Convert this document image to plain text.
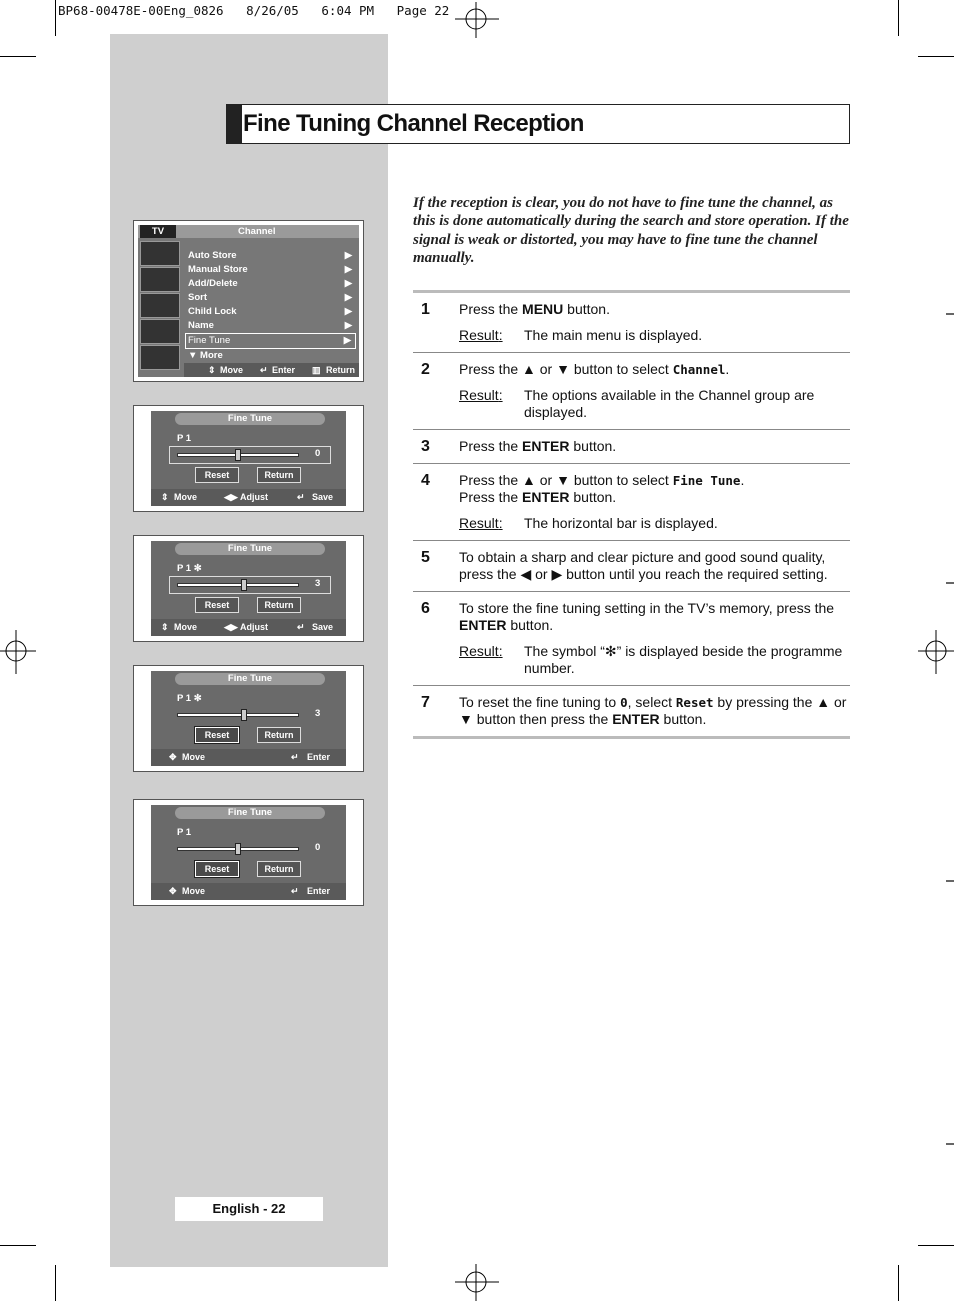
BP68-00478E-00Eng_0826   8/26/05   6:04 PM   Page 22
Fine Tuning Channel Reception
If the reception is clear, you do not have to fine tune the channel, as this is done automatically during the search and store operation. If the signal is weak or distorted, you may have to fine tune the channel manually.
TV	Channel
Auto Store	▶
Manual Store	▶
Add/Delete	▶
Sort	▶
Child Lock	▶
Name	▶
Fine Tune	▶
▼ More
⇕ Move ↵ Enter ▥ Return
Fine Tune
P 1
0
Reset	Return
⇕ Move	◀▶ Adjust	↵ Save
Fine Tune
P 1 ✻
3
Reset	Return
⇕ Move	◀▶ Adjust	↵ Save
Fine Tune
P 1 ✻
3
Reset	Return
✥ Move	↵ Enter
Fine Tune
P 1
0
Reset	Return
✥ Move	↵ Enter
1 Press the MENU button.
Result:	The main menu is displayed.
2 Press the ▲ or ▼ button to select Channel.
Result:	The options available in the Channel group are displayed.
3 Press the ENTER button.
4 Press the ▲ or ▼ button to select Fine Tune.
Press the ENTER button.
Result:	The horizontal bar is displayed.
5 To obtain a sharp and clear picture and good sound quality, press the ◀ or ▶ button until you reach the required setting.
6 To store the fine tuning setting in the TV’s memory, press the ENTER button.
Result:	The symbol “✻” is displayed beside the programme number.
7 To reset the fine tuning to 0, select Reset by pressing the ▲ or ▼ button then press the ENTER button.
English - 22
